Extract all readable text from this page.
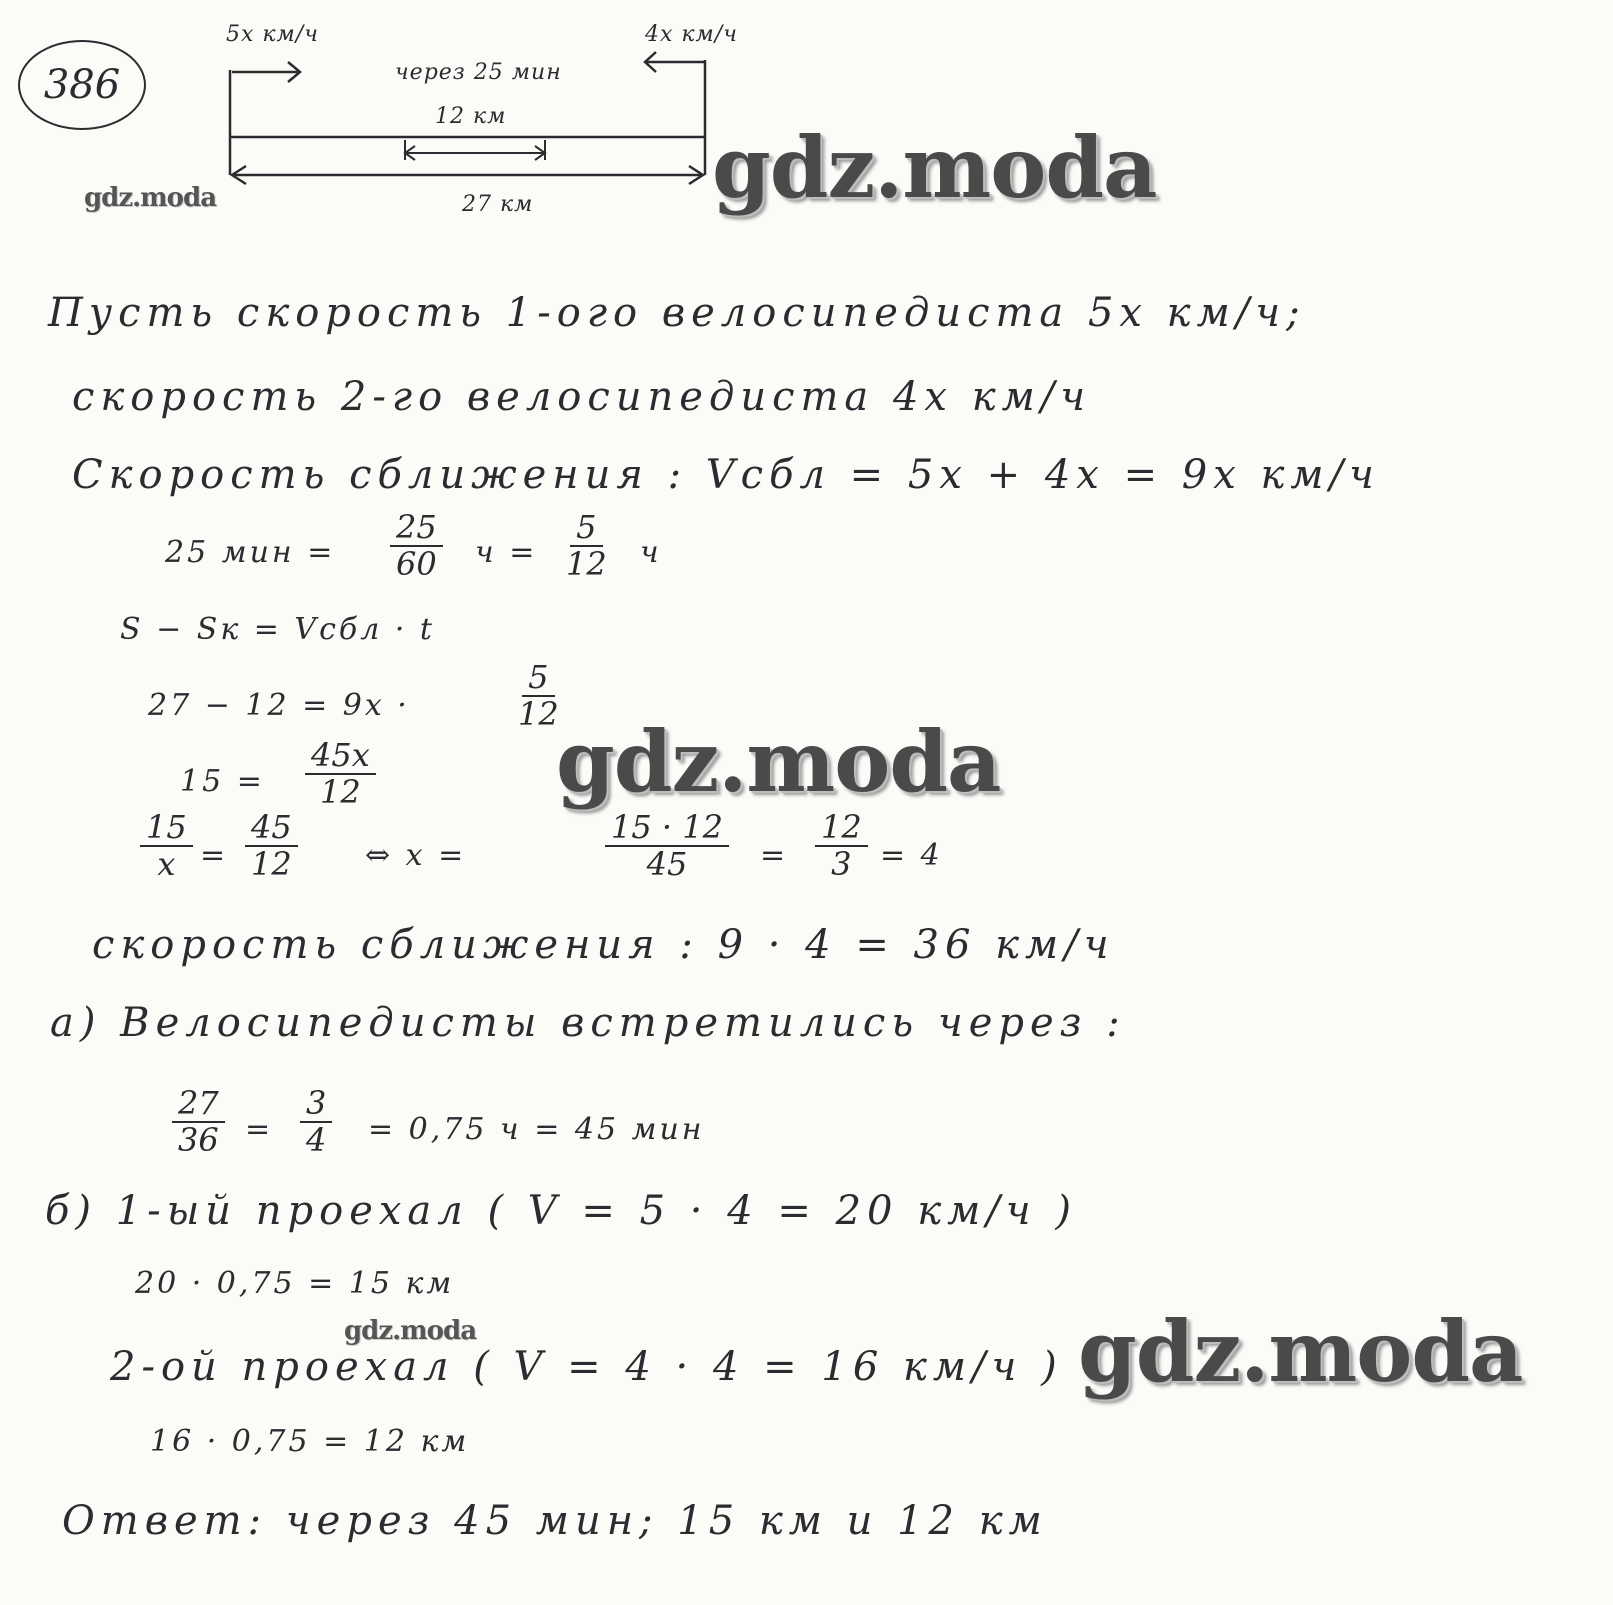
386
5x км/ч	4x км/ч
через 25 мин
12 км
27 км
gdz.moda	gdz.moda
gdz.moda
gdz.moda	gdz.moda
Пусть скорость 1-ого велосипедиста 5x км/ч;
скорость 2-го велосипедиста 4x км/ч
Скорость сближения : Vсбл = 5x + 4x = 9x км/ч
25 мин = $\frac{25}{60}$ $ч = \frac{5}{12}$ ч
S − Sк = Vсбл · t
27 − 12 = 9x ·	$\frac{5}{12}$
$15 = \frac{45x}{12}$
$\frac{15}{x} = \frac{45}{12}$ ⇔ x =	$\frac{15 \cdot 12}{45} = \frac{12}{3} = 4$
скорость сближения : 9 · 4 = 36 км/ч
а) Велосипедисты встретились через :
$\frac{27}{36} = \frac{3}{4} = 0,75$ ч = 45 мин
б) 1-ый проехал ( V = 5 · 4 = 20 км/ч )
20 · 0,75 = 15 км
2-ой проехал ( V = 4 · 4 = 16 км/ч )
16 · 0,75 = 12 км
Ответ: через 45 мин; 15 км и 12 км
